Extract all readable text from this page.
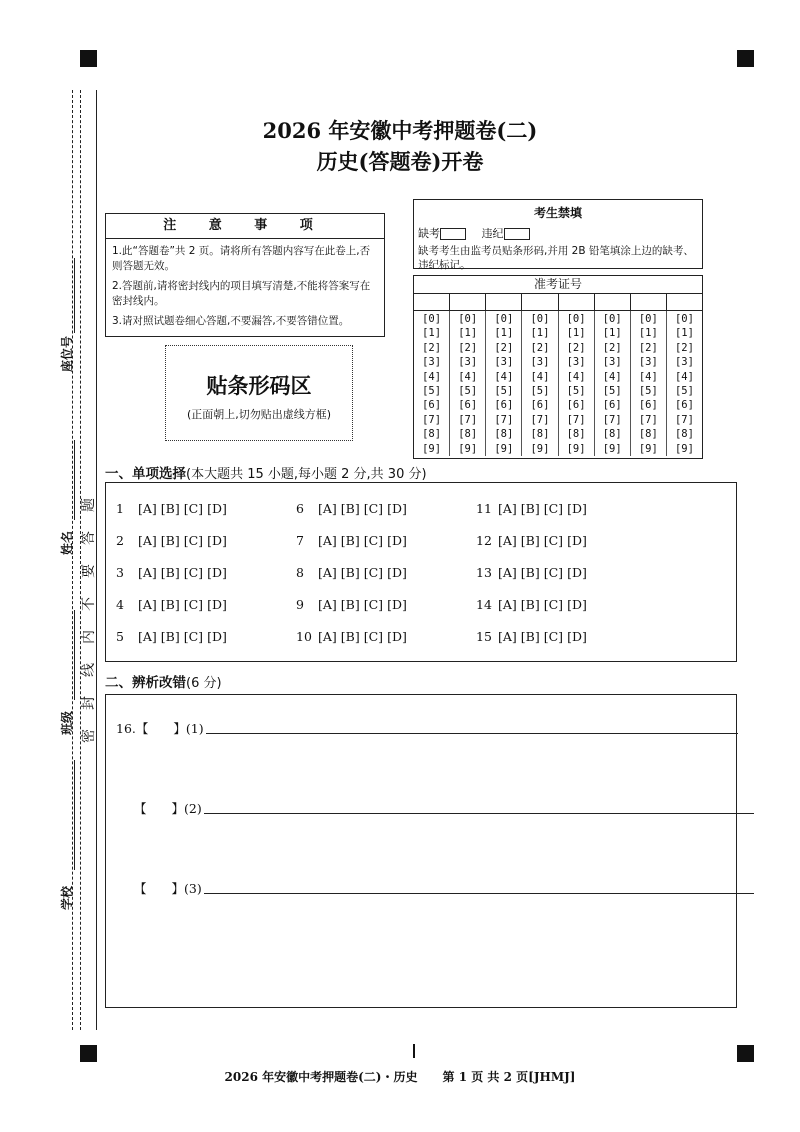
座位号
姓名
班级
学校
题
答
要
不
内
线
封
密
2026 年安徽中考押题卷(二)
历史(答题卷)开卷
注 意 事 项
1.此“答题卷”共 2 页。请将所有答题内容写在此卷上,否则答题无效。
2.答题前,请将密封线内的项目填写清楚,不能将答案写在密封线内。
3.请对照试题卷细心答题,不要漏答,不要答错位置。
贴条形码区
(正面朝上,切勿贴出虚线方框)
考生禁填
缺考	违纪
缺考考生由监考员贴条形码,并用 2B 铅笔填涂上边的缺考、违纪标记。
准考证号
[0]
[1]
[2]
[3]
[4]
[5]
[6]
[7]
[8]
[9]
[0]
[1]
[2]
[3]
[4]
[5]
[6]
[7]
[8]
[9]
[0]
[1]
[2]
[3]
[4]
[5]
[6]
[7]
[8]
[9]
[0]
[1]
[2]
[3]
[4]
[5]
[6]
[7]
[8]
[9]
[0]
[1]
[2]
[3]
[4]
[5]
[6]
[7]
[8]
[9]
[0]
[1]
[2]
[3]
[4]
[5]
[6]
[7]
[8]
[9]
[0]
[1]
[2]
[3]
[4]
[5]
[6]
[7]
[8]
[9]
[0]
[1]
[2]
[3]
[4]
[5]
[6]
[7]
[8]
[9]
一、单项选择(本大题共 15 小题,每小题 2 分,共 30 分)
1 [A] [B] [C] [D]
2 [A] [B] [C] [D]
3 [A] [B] [C] [D]
4 [A] [B] [C] [D]
5 [A] [B] [C] [D]
6 [A] [B] [C] [D]
7 [A] [B] [C] [D]
8 [A] [B] [C] [D]
9 [A] [B] [C] [D]
10 [A] [B] [C] [D]
11 [A] [B] [C] [D]
12 [A] [B] [C] [D]
13 [A] [B] [C] [D]
14 [A] [B] [C] [D]
15 [A] [B] [C] [D]
二、辨析改错(6 分)
16.【　　】(1)
【　　】(2)
【　　】(3)
2026 年安徽中考押题卷(二)・历史 第 1 页 共 2 页[JHMJ]
